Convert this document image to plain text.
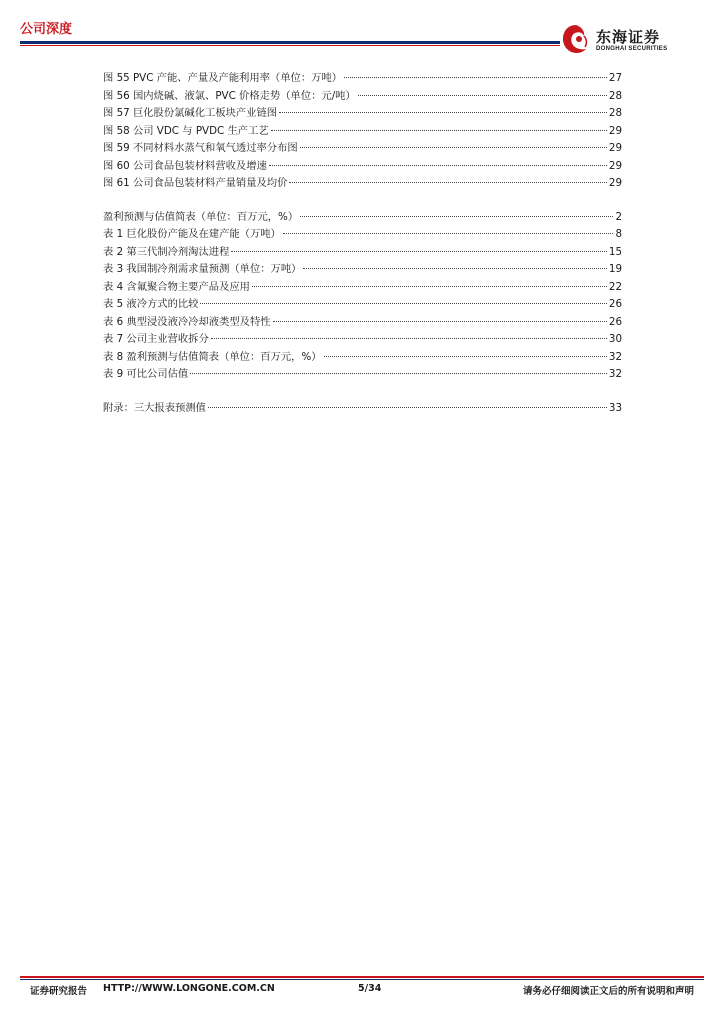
公司深度	东海证券
DONGHAI SECURITIES
图 55 PVC 产能、产量及产能利用率（单位：万吨）	27
图 56 国内烧碱、液氯、PVC 价格走势（单位：元/吨）	28
图 57 巨化股份氯碱化工板块产业链图	28
图 58 公司 VDC 与 PVDC 生产工艺	29
图 59 不同材料水蒸气和氧气透过率分布图	29
图 60 公司食品包装材料营收及增速	29
图 61 公司食品包装材料产量销量及均价	29
盈利预测与估值简表（单位：百万元，%）	2
表 1 巨化股份产能及在建产能（万吨）	8
表 2 第三代制冷剂淘汰进程	15
表 3 我国制冷剂需求量预测（单位：万吨）	19
表 4 含氟聚合物主要产品及应用	22
表 5 液冷方式的比较	26
表 6 典型浸没液冷冷却液类型及特性	26
表 7 公司主业营收拆分	30
表 8 盈利预测与估值简表（单位：百万元，%）	32
表 9 可比公司估值	32
附录：三大报表预测值	33
证券研究报告 HTTP://WWW.LONGONE.COM.CN	5/34	请务必仔细阅读正文后的所有说明和声明
